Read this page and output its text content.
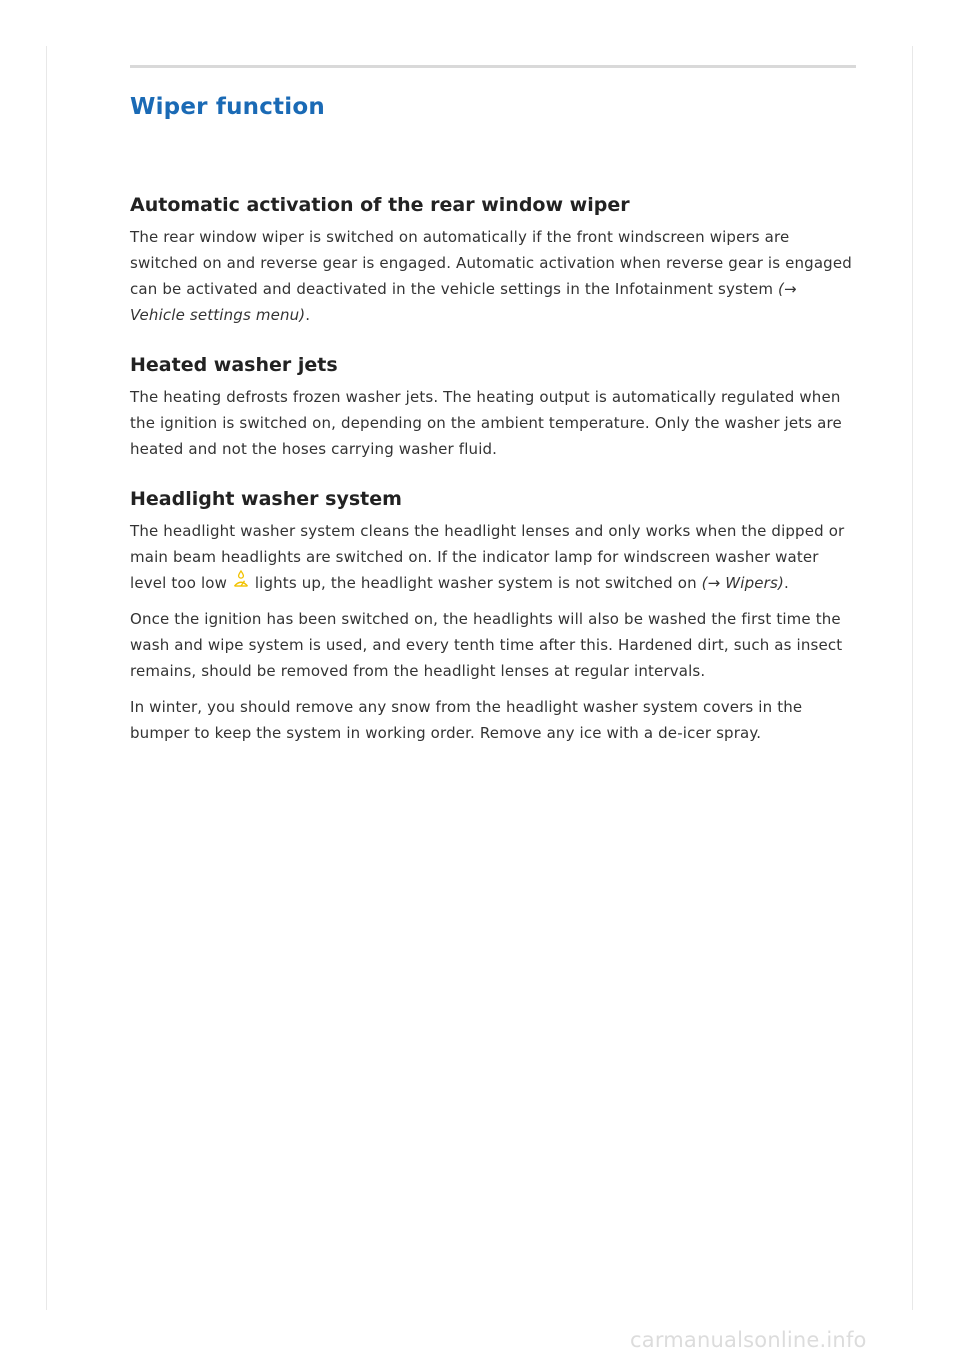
Wiper function
Automatic activation of the rear window wiper

The rear window wiper is switched on automatically if the front windscreen wipers are switched on and reverse gear is engaged. Automatic activation when reverse gear is engaged can be activated and deactivated in the vehicle settings in the Infotainment system (→ Vehicle settings menu).

Heated washer jets

The heating defrosts frozen washer jets. The heating output is automatically regulated when the ignition is switched on, depending on the ambient temperature. Only the washer jets are heated and not the hoses carrying washer fluid.

Headlight washer system

The headlight washer system cleans the headlight lenses and only works when the dipped or main beam headlights are switched on. If the indicator lamp for windscreen washer water level too low  lights up, the headlight washer system is not switched on (→ Wipers).

Once the ignition has been switched on, the headlights will also be washed the first time the wash and wipe system is used, and every tenth time after this. Hardened dirt, such as insect remains, should be removed from the headlight lenses at regular intervals.

In winter, you should remove any snow from the headlight washer system covers in the bumper to keep the system in working order. Remove any ice with a de-icer spray.

carmanualsonline.info
